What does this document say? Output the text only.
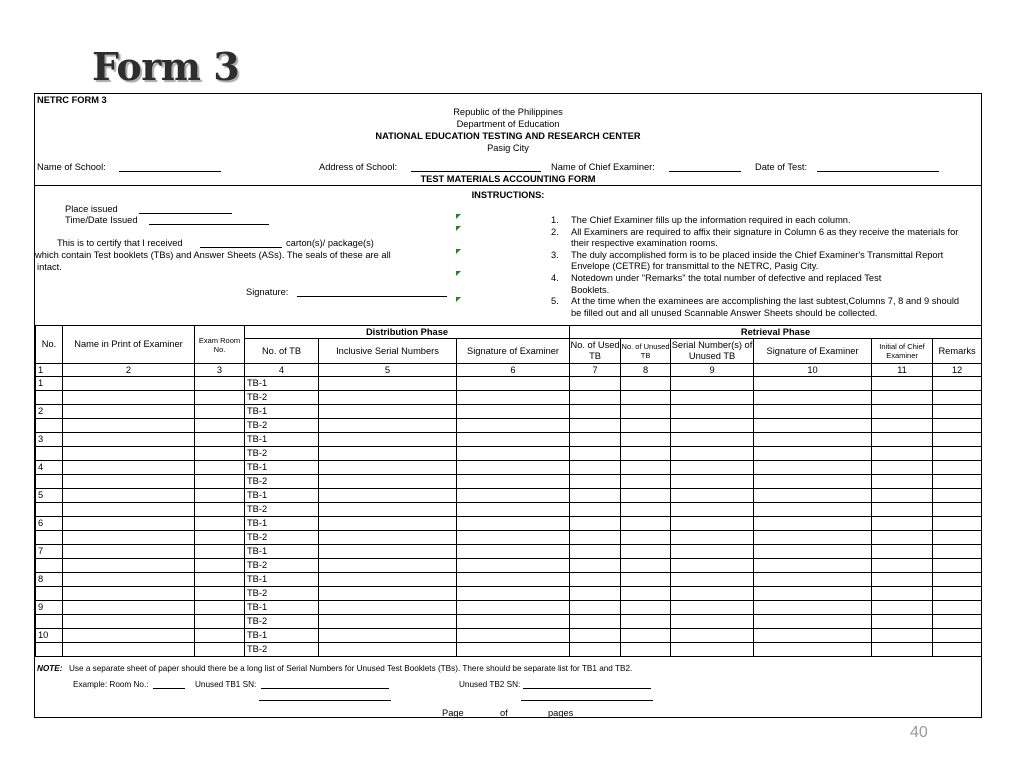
Form 3
NETRC FORM 3
Republic of the Philippines
Department of Education
NATIONAL EDUCATION TESTING AND RESEARCH CENTER
Pasig City
Name of School:	Address of School:	Name of Chief Examiner:	Date of Test:
TEST MATERIALS ACCOUNTING FORM
INSTRUCTIONS:
Place issued
Time/Date Issued
This is to certify that I received	carton(s)/ package(s)
which contain Test booklets (TBs) and Answer Sheets (ASs). The seals of these are all
intact.
Signature:
1. The Chief Examiner fills up the information required in each column.
2. All Examiners are required to affix their signature in Column 6 as they receive the materials for their respective examination rooms.
3. The duly accomplished form is to be placed inside the Chief Examiner's Transmittal Report Envelope (CETRE) for transmittal to the NETRC, Pasig City.
4. Notedown under "Remarks" the total number of defective and replaced Test Booklets.
5. At the time when the examinees are accomplishing the last subtest,Columns 7, 8 and 9 should be filled out and all unused Scannable Answer Sheets should be collected.
No.	Name in Print of Examiner	Exam Room No.	Distribution Phase			Retrieval Phase					
			No. of TB	Inclusive Serial Numbers	Signature of Examiner	No. of Used TB	No. of Unused TB	Serial Number(s) of Unused TB	Signature of Examiner	Initial of Chief Examiner	Remarks
1	2	3	4	5	6	7	8	9	10	11	12
1			TB-1								
			TB-2								
2			TB-1								
			TB-2								
3			TB-1								
			TB-2								
4			TB-1								
			TB-2								
5			TB-1								
			TB-2								
6			TB-1								
			TB-2								
7			TB-1								
			TB-2								
8			TB-1								
			TB-2								
9			TB-1								
			TB-2								
10			TB-1								
			TB-2								
NOTE: Use a separate sheet of paper should there be a long list of Serial Numbers for Unused Test Booklets (TBs). There should be separate list for TB1 and TB2.
Example: Room No.:	Unused TB1 SN:	Unused TB2 SN:
Page	of	pages
40
